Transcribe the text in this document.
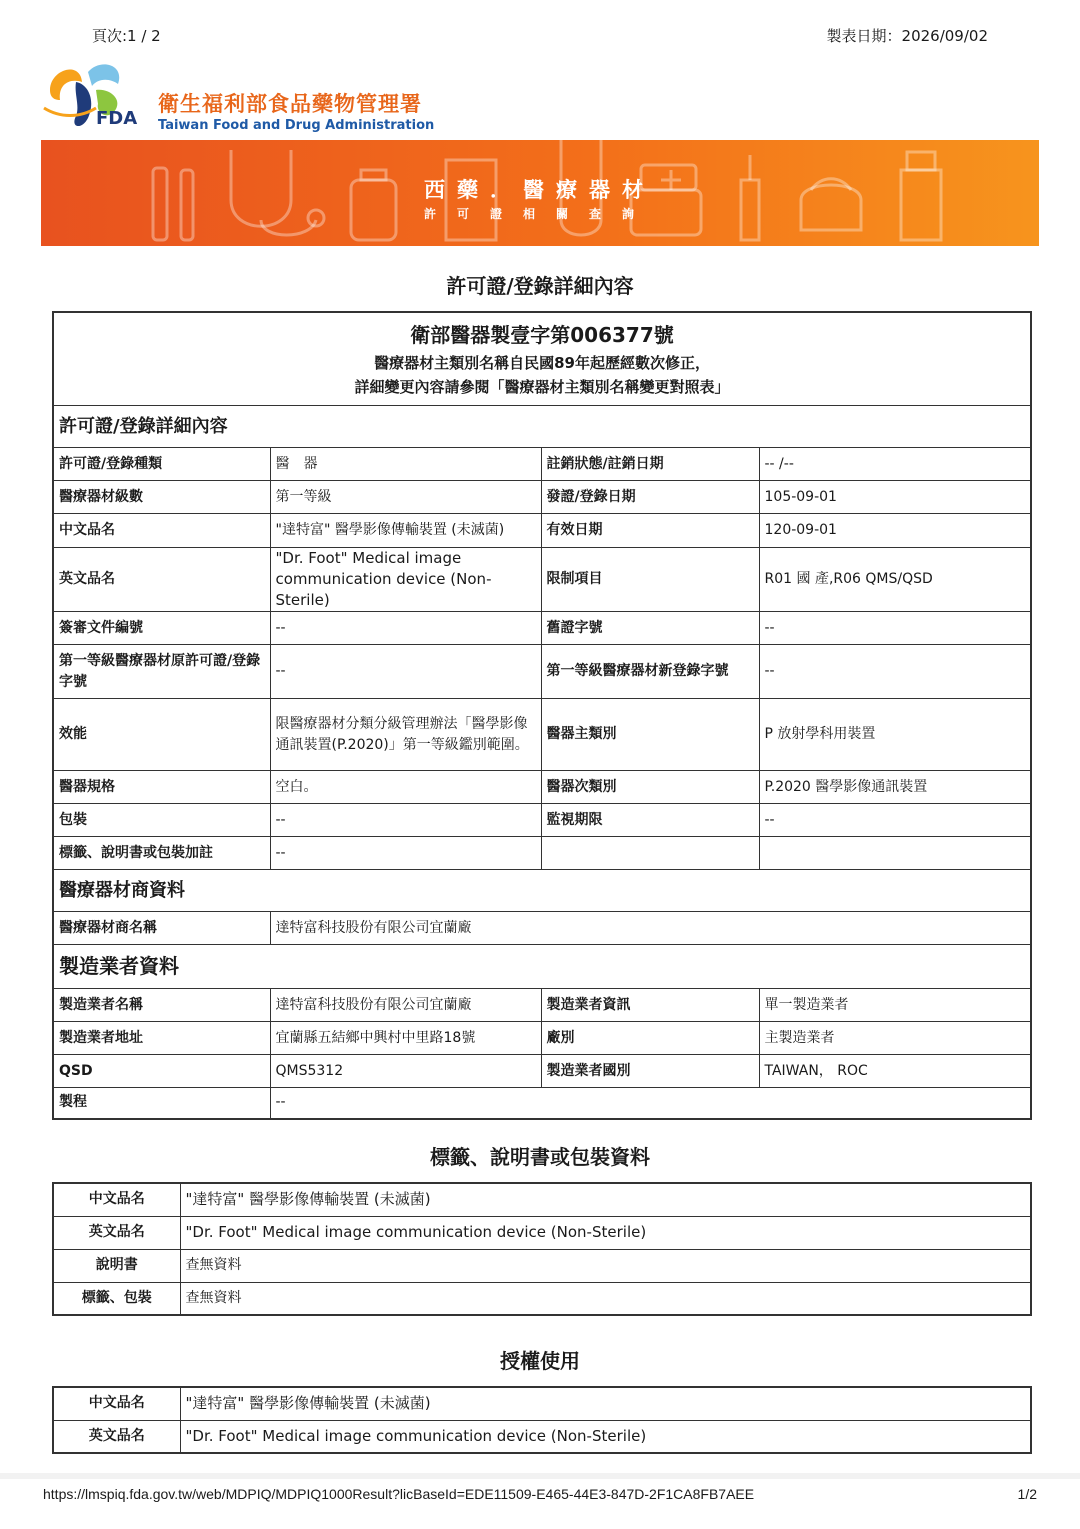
頁次:1 / 2	製表日期：2026/09/02
FDA
衛生福利部食品藥物管理署
Taiwan Food and Drug Administration
西藥．醫療器材
許可證相關查詢
許可證/登錄詳細內容
衛部醫器製壹字第006377號
醫療器材主類別名稱自民國89年起歷經數次修正，
詳細變更內容請參閱「醫療器材主類別名稱變更對照表」			

許可證/登錄詳細內容			
許可證/登錄種類	醫　器	註銷狀態/註銷日期	-- /--
醫療器材級數	第一等級	發證/登錄日期	105-09-01
中文品名	"達特富" 醫學影像傳輸裝置 (未滅菌)	有效日期	120-09-01
英文品名	"Dr. Foot" Medical image communication device (Non-Sterile)	限制項目	R01 國 產,R06 QMS/QSD
簽審文件編號	--	舊證字號	--
第一等級醫療器材原許可證/登錄字號	--	第一等級醫療器材新登錄字號	--
效能	限醫療器材分類分級管理辦法「醫學影像通訊裝置(P.2020)」第一等級鑑別範圍。	醫器主類別	P 放射學科用裝置
醫器規格	空白。	醫器次類別	P.2020 醫學影像通訊裝置
包裝	--	監視期限	--
標籤、說明書或包裝加註	--		
醫療器材商資料			
醫療器材商名稱	達特富科技股份有限公司宜蘭廠		
製造業者資料			
製造業者名稱	達特富科技股份有限公司宜蘭廠	製造業者資訊	單一製造業者
製造業者地址	宜蘭縣五結鄉中興村中里路18號	廠別	主製造業者
QSD	QMS5312	製造業者國別	TAIWAN， ROC
製程	--		
標籤、說明書或包裝資料
中文品名	"達特富" 醫學影像傳輸裝置 (未滅菌)
英文品名	"Dr. Foot" Medical image communication device (Non-Sterile)
說明書	查無資料
標籤、包裝	查無資料
授權使用
中文品名	"達特富" 醫學影像傳輸裝置 (未滅菌)
英文品名	"Dr. Foot" Medical image communication device (Non-Sterile)
https://lmspiq.fda.gov.tw/web/MDPIQ/MDPIQ1000Result?licBaseId=EDE11509-E465-44E3-847D-2F1CA8FB7AEE	1/2
